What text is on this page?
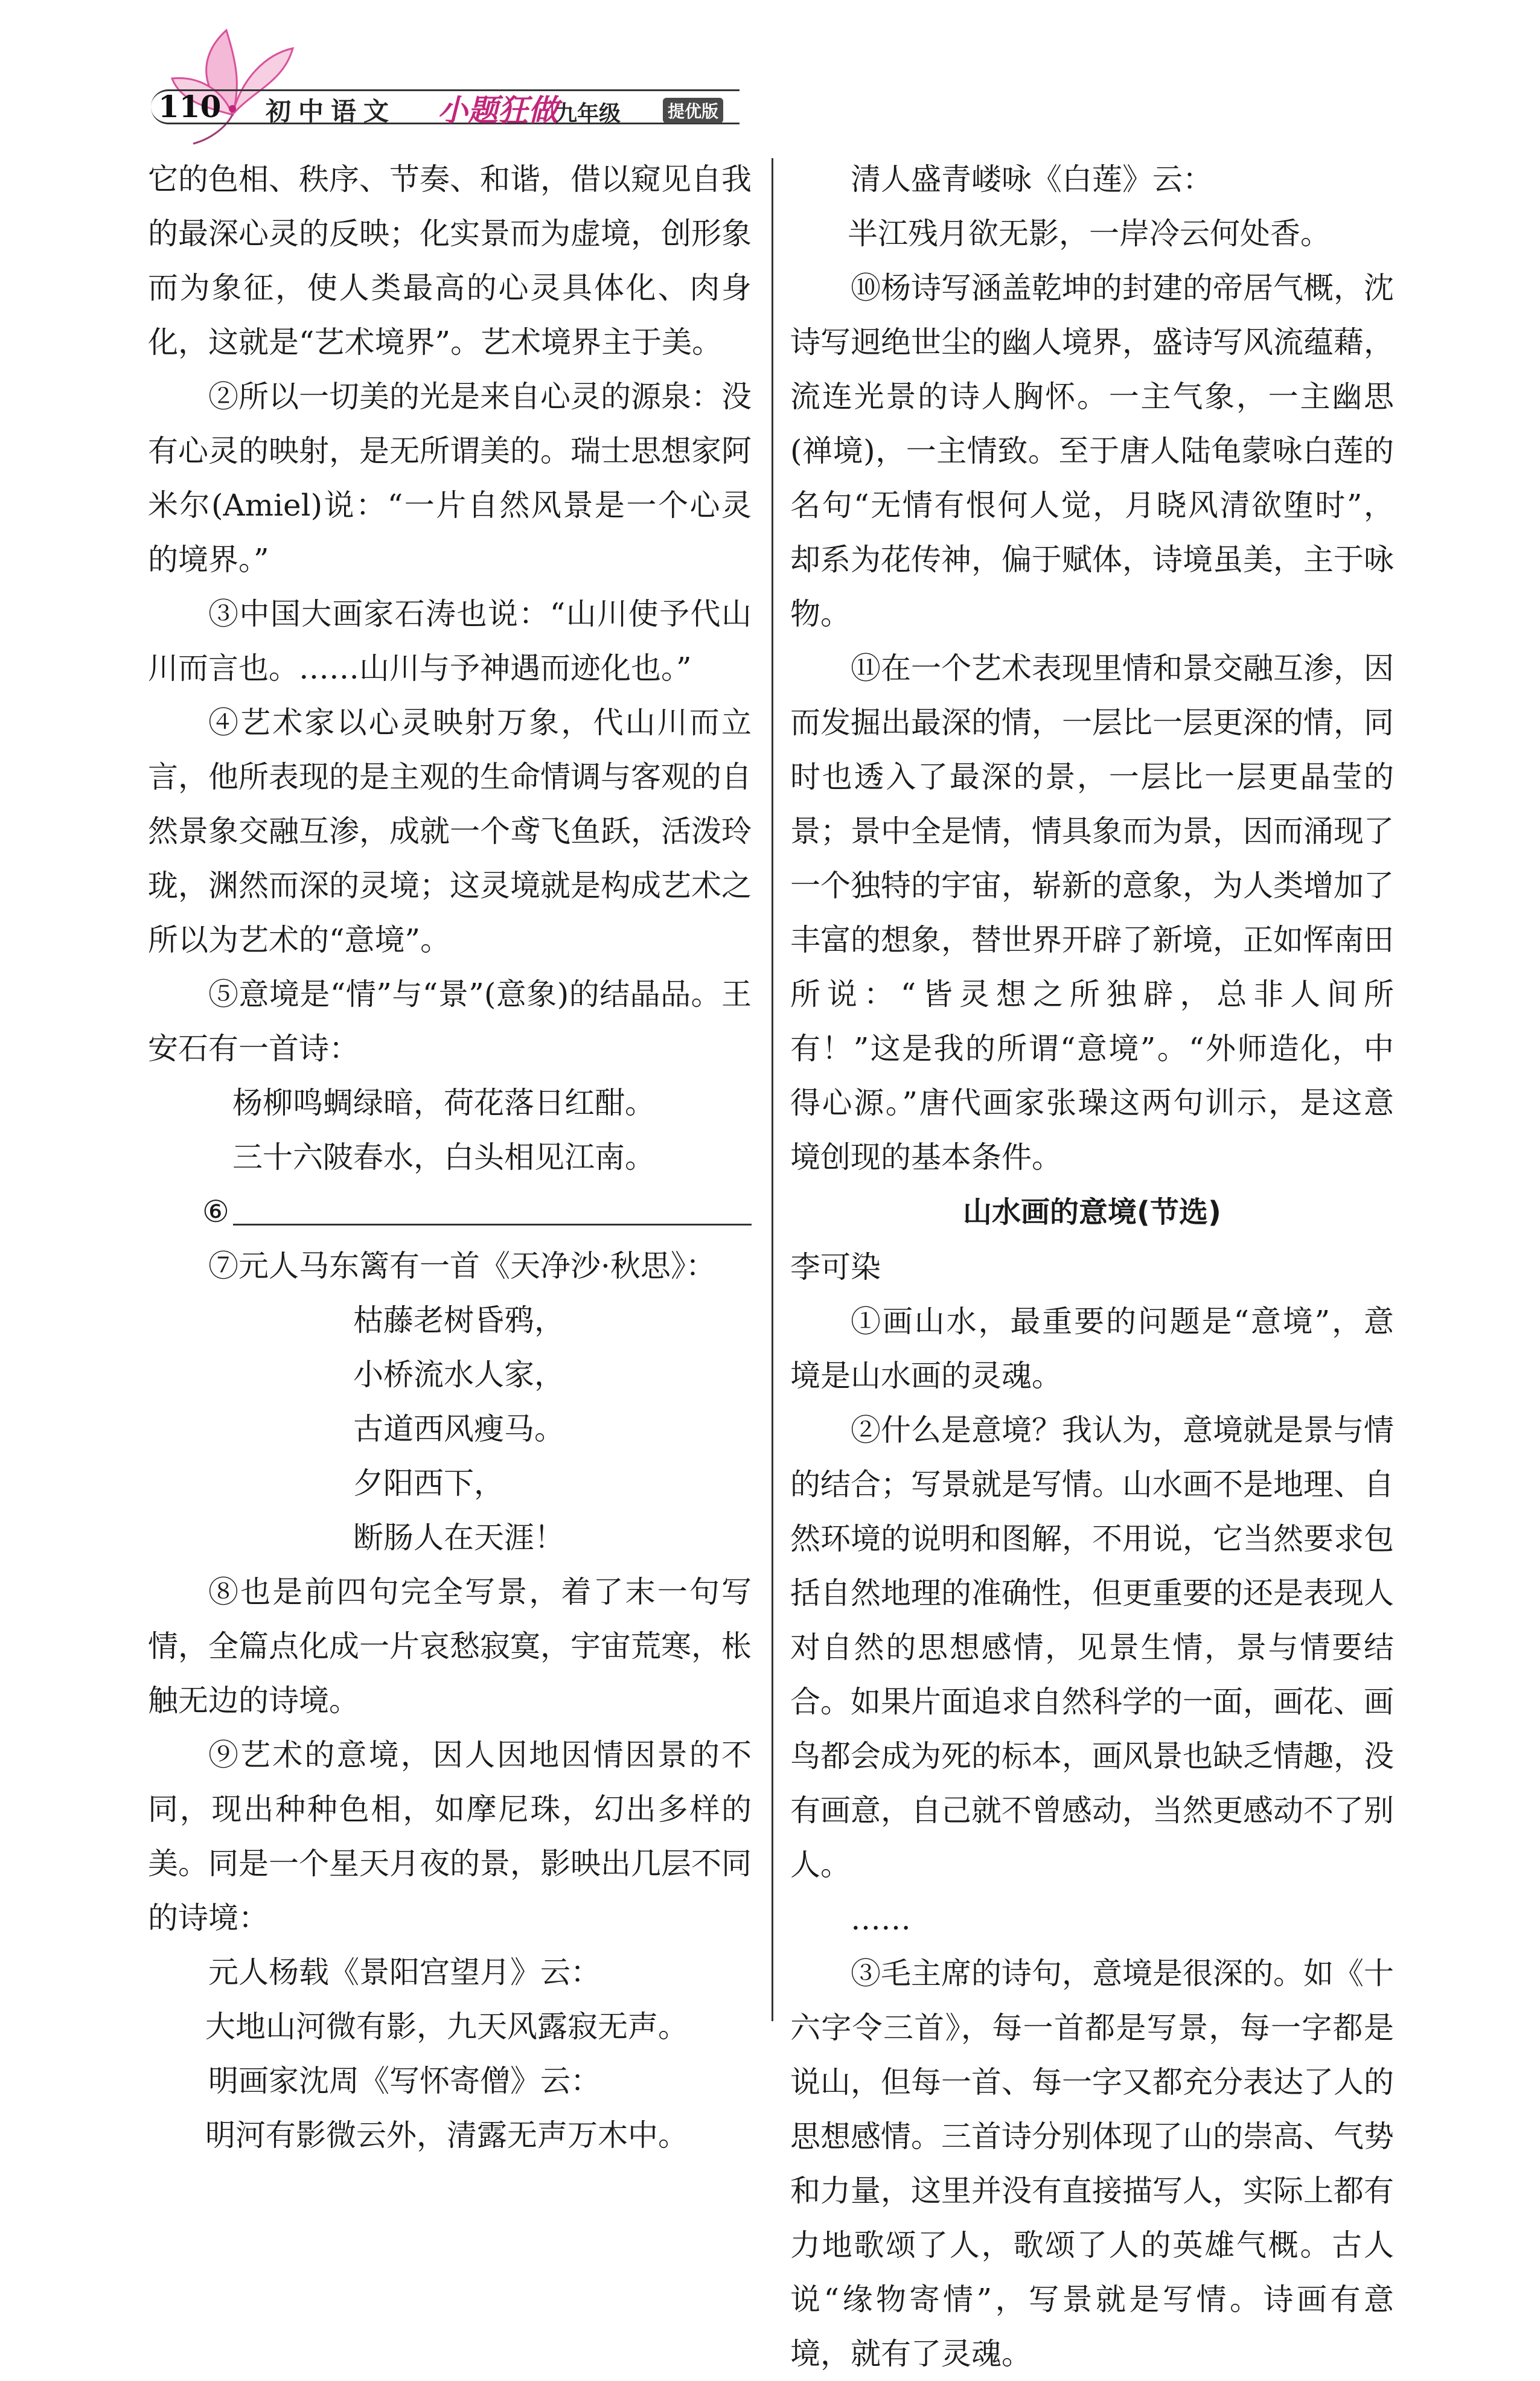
110 初中语文 小题狂做
九年级	提优版

它的色相、秩序、节奏、和谐，借以窥见自我的最深心灵的反映；化实景而为虚境，创形象而为象征，使人类最高的心灵具体化、肉身化，这就是“艺术境界”。艺术境界主于美。

②所以一切美的光是来自心灵的源泉：没有心灵的映射，是无所谓美的。瑞士思想家阿米尔(Amiel)说：“一片自然风景是一个心灵的境界。”

③中国大画家石涛也说：“山川使予代山川而言也。……山川与予神遇而迹化也。”

④艺术家以心灵映射万象，代山川而立言，他所表现的是主观的生命情调与客观的自然景象交融互渗，成就一个鸢飞鱼跃，活泼玲珑，渊然而深的灵境；这灵境就是构成艺术之所以为艺术的“意境”。

⑤意境是“情”与“景”(意象)的结晶品。王安石有一首诗：

杨柳鸣蜩绿暗，荷花落日红酣。

三十六陂春水，白头相见江南。

⑥

⑦元人马东篱有一首《天净沙·秋思》：

枯藤老树昏鸦，

小桥流水人家，

古道西风瘦马。

夕阳西下，

断肠人在天涯！

⑧也是前四句完全写景，着了末一句写情，全篇点化成一片哀愁寂寞，宇宙荒寒，枨触无边的诗境。

⑨艺术的意境，因人因地因情因景的不同，现出种种色相，如摩尼珠，幻出多样的美。同是一个星天月夜的景，影映出几层不同的诗境：

元人杨载《景阳宫望月》云：

大地山河微有影，九天风露寂无声。

明画家沈周《写怀寄僧》云：

明河有影微云外，清露无声万木中。

清人盛青嵝咏《白莲》云：

半江残月欲无影，一岸冷云何处香。

⑩杨诗写涵盖乾坤的封建的帝居气概，沈诗写迥绝世尘的幽人境界，盛诗写风流蕴藉，流连光景的诗人胸怀。一主气象，一主幽思(禅境)，一主情致。至于唐人陆龟蒙咏白莲的名句“无情有恨何人觉，月晓风清欲堕时”，却系为花传神，偏于赋体，诗境虽美，主于咏物。

⑪在一个艺术表现里情和景交融互渗，因而发掘出最深的情，一层比一层更深的情，同时也透入了最深的景，一层比一层更晶莹的景；景中全是情，情具象而为景，因而涌现了一个独特的宇宙，崭新的意象，为人类增加了丰富的想象，替世界开辟了新境，正如恽南田所说：“皆灵想之所独辟，总非人间所有！”这是我的所谓“意境”。“外师造化，中得心源。”唐代画家张璪这两句训示，是这意境创现的基本条件。

山水画的意境(节选)

李可染

①画山水，最重要的问题是“意境”，意境是山水画的灵魂。

②什么是意境？我认为，意境就是景与情的结合；写景就是写情。山水画不是地理、自然环境的说明和图解，不用说，它当然要求包括自然地理的准确性，但更重要的还是表现人对自然的思想感情，见景生情，景与情要结合。如果片面追求自然科学的一面，画花、画鸟都会成为死的标本，画风景也缺乏情趣，没有画意，自己就不曾感动，当然更感动不了别人。

……

③毛主席的诗句，意境是很深的。如《十六字令三首》，每一首都是写景，每一字都是说山，但每一首、每一字又都充分表达了人的思想感情。三首诗分别体现了山的崇高、气势和力量，这里并没有直接描写人，实际上都有力地歌颂了人，歌颂了人的英雄气概。古人说“缘物寄情”，写景就是写情。诗画有意境，就有了灵魂。
